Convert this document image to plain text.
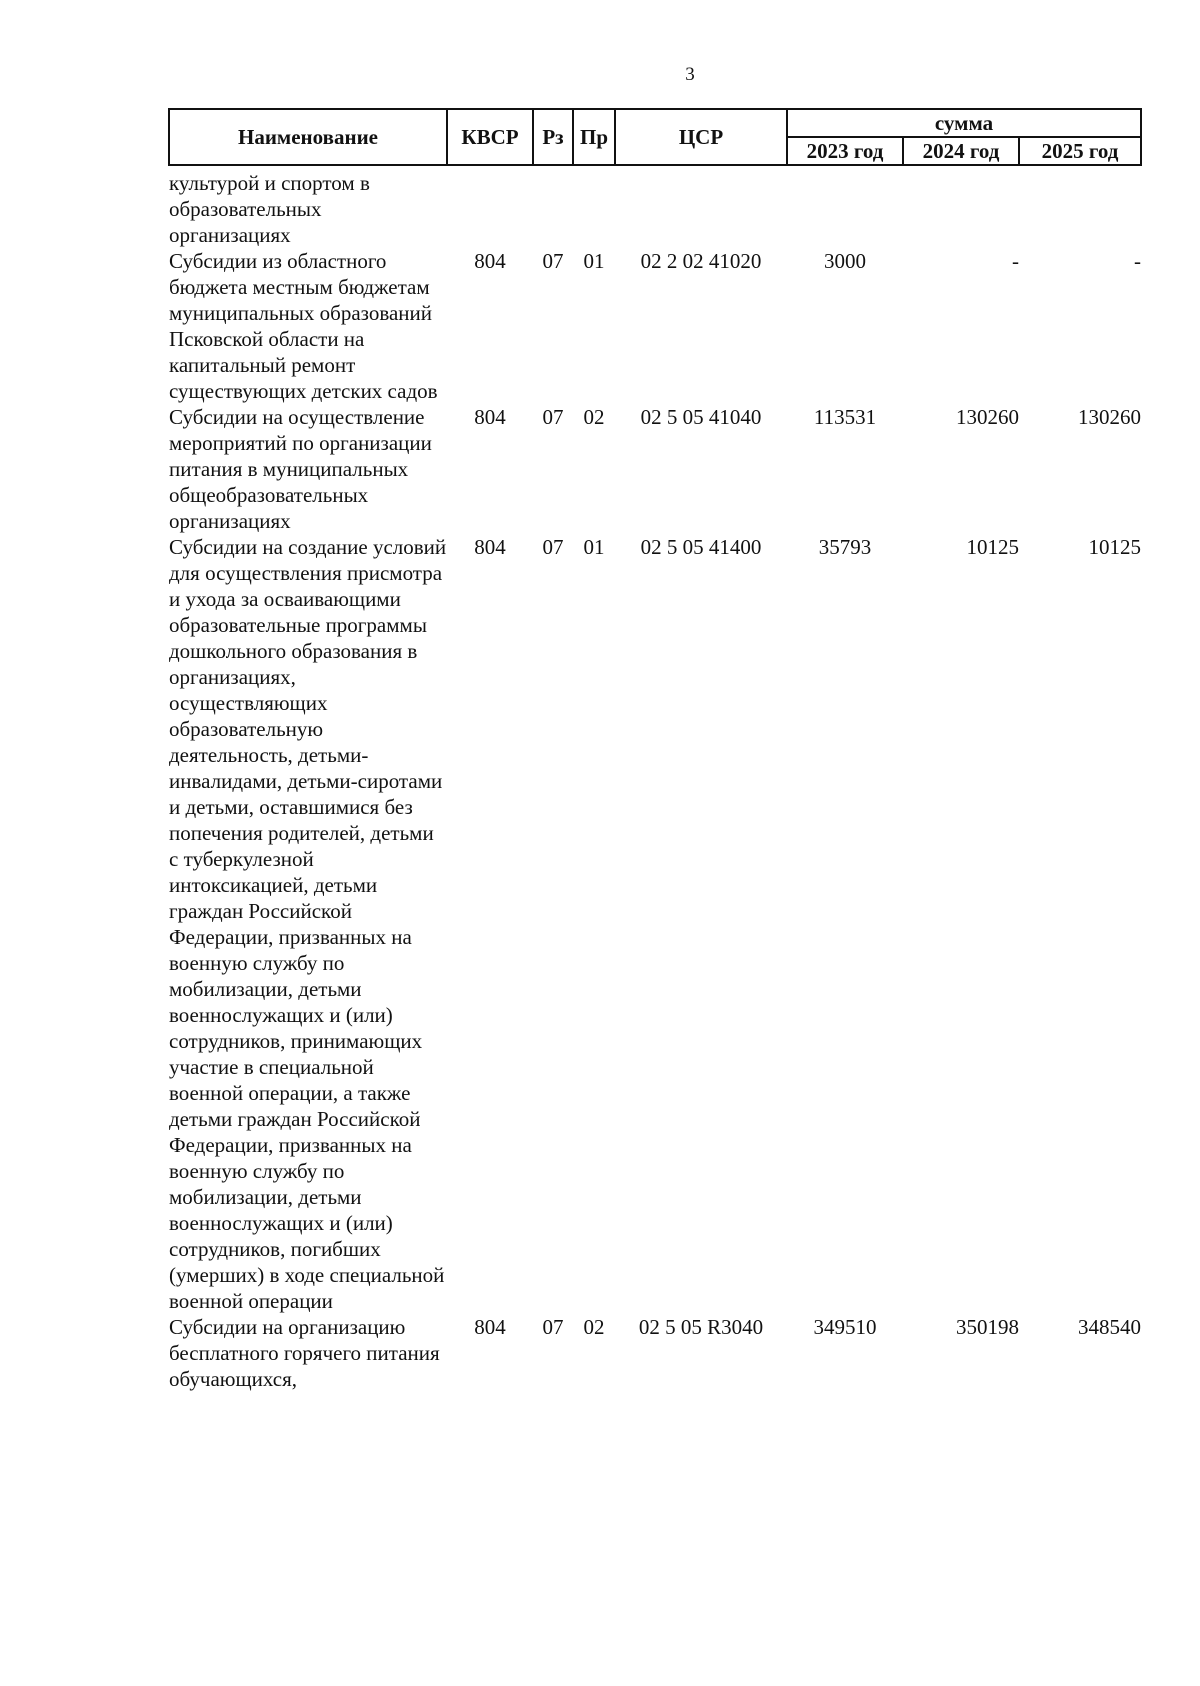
3
Наименование	КВСР	Рз	Пр	ЦСР	сумма		
					2023 год	2024 год	2025 год
культурой и спортом в образовательных организациях							
Субсидии из областного бюджета местным бюджетам муниципальных образований Псковской области на капитальный ремонт существующих детских садов	804	07	01	02 2 02 41020	3000	-	-
Субсидии на осуществление мероприятий по организации питания в муниципальных общеобразовательных организациях	804	07	02	02 5 05 41040	113531	130260	130260
Субсидии на создание условий для осуществления присмотра и ухода за осваивающими образовательные программы дошкольного образования в организациях, осуществляющих образовательную деятельность, детьми-инвалидами, детьми-сиротами и детьми, оставшимися без попечения родителей, детьми с туберкулезной интоксикацией, детьми граждан Российской Федерации, призванных на военную службу по мобилизации, детьми военнослужащих и (или) сотрудников, принимающих участие в специальной военной операции, а также детьми граждан Российской Федерации, призванных на военную службу по мобилизации, детьми военнослужащих и (или) сотрудников, погибших (умерших) в ходе специальной военной операции	804	07	01	02 5 05 41400	35793	10125	10125
Субсидии на организацию бесплатного горячего питания обучающихся,	804	07	02	02 5 05 R3040	349510	350198	348540
